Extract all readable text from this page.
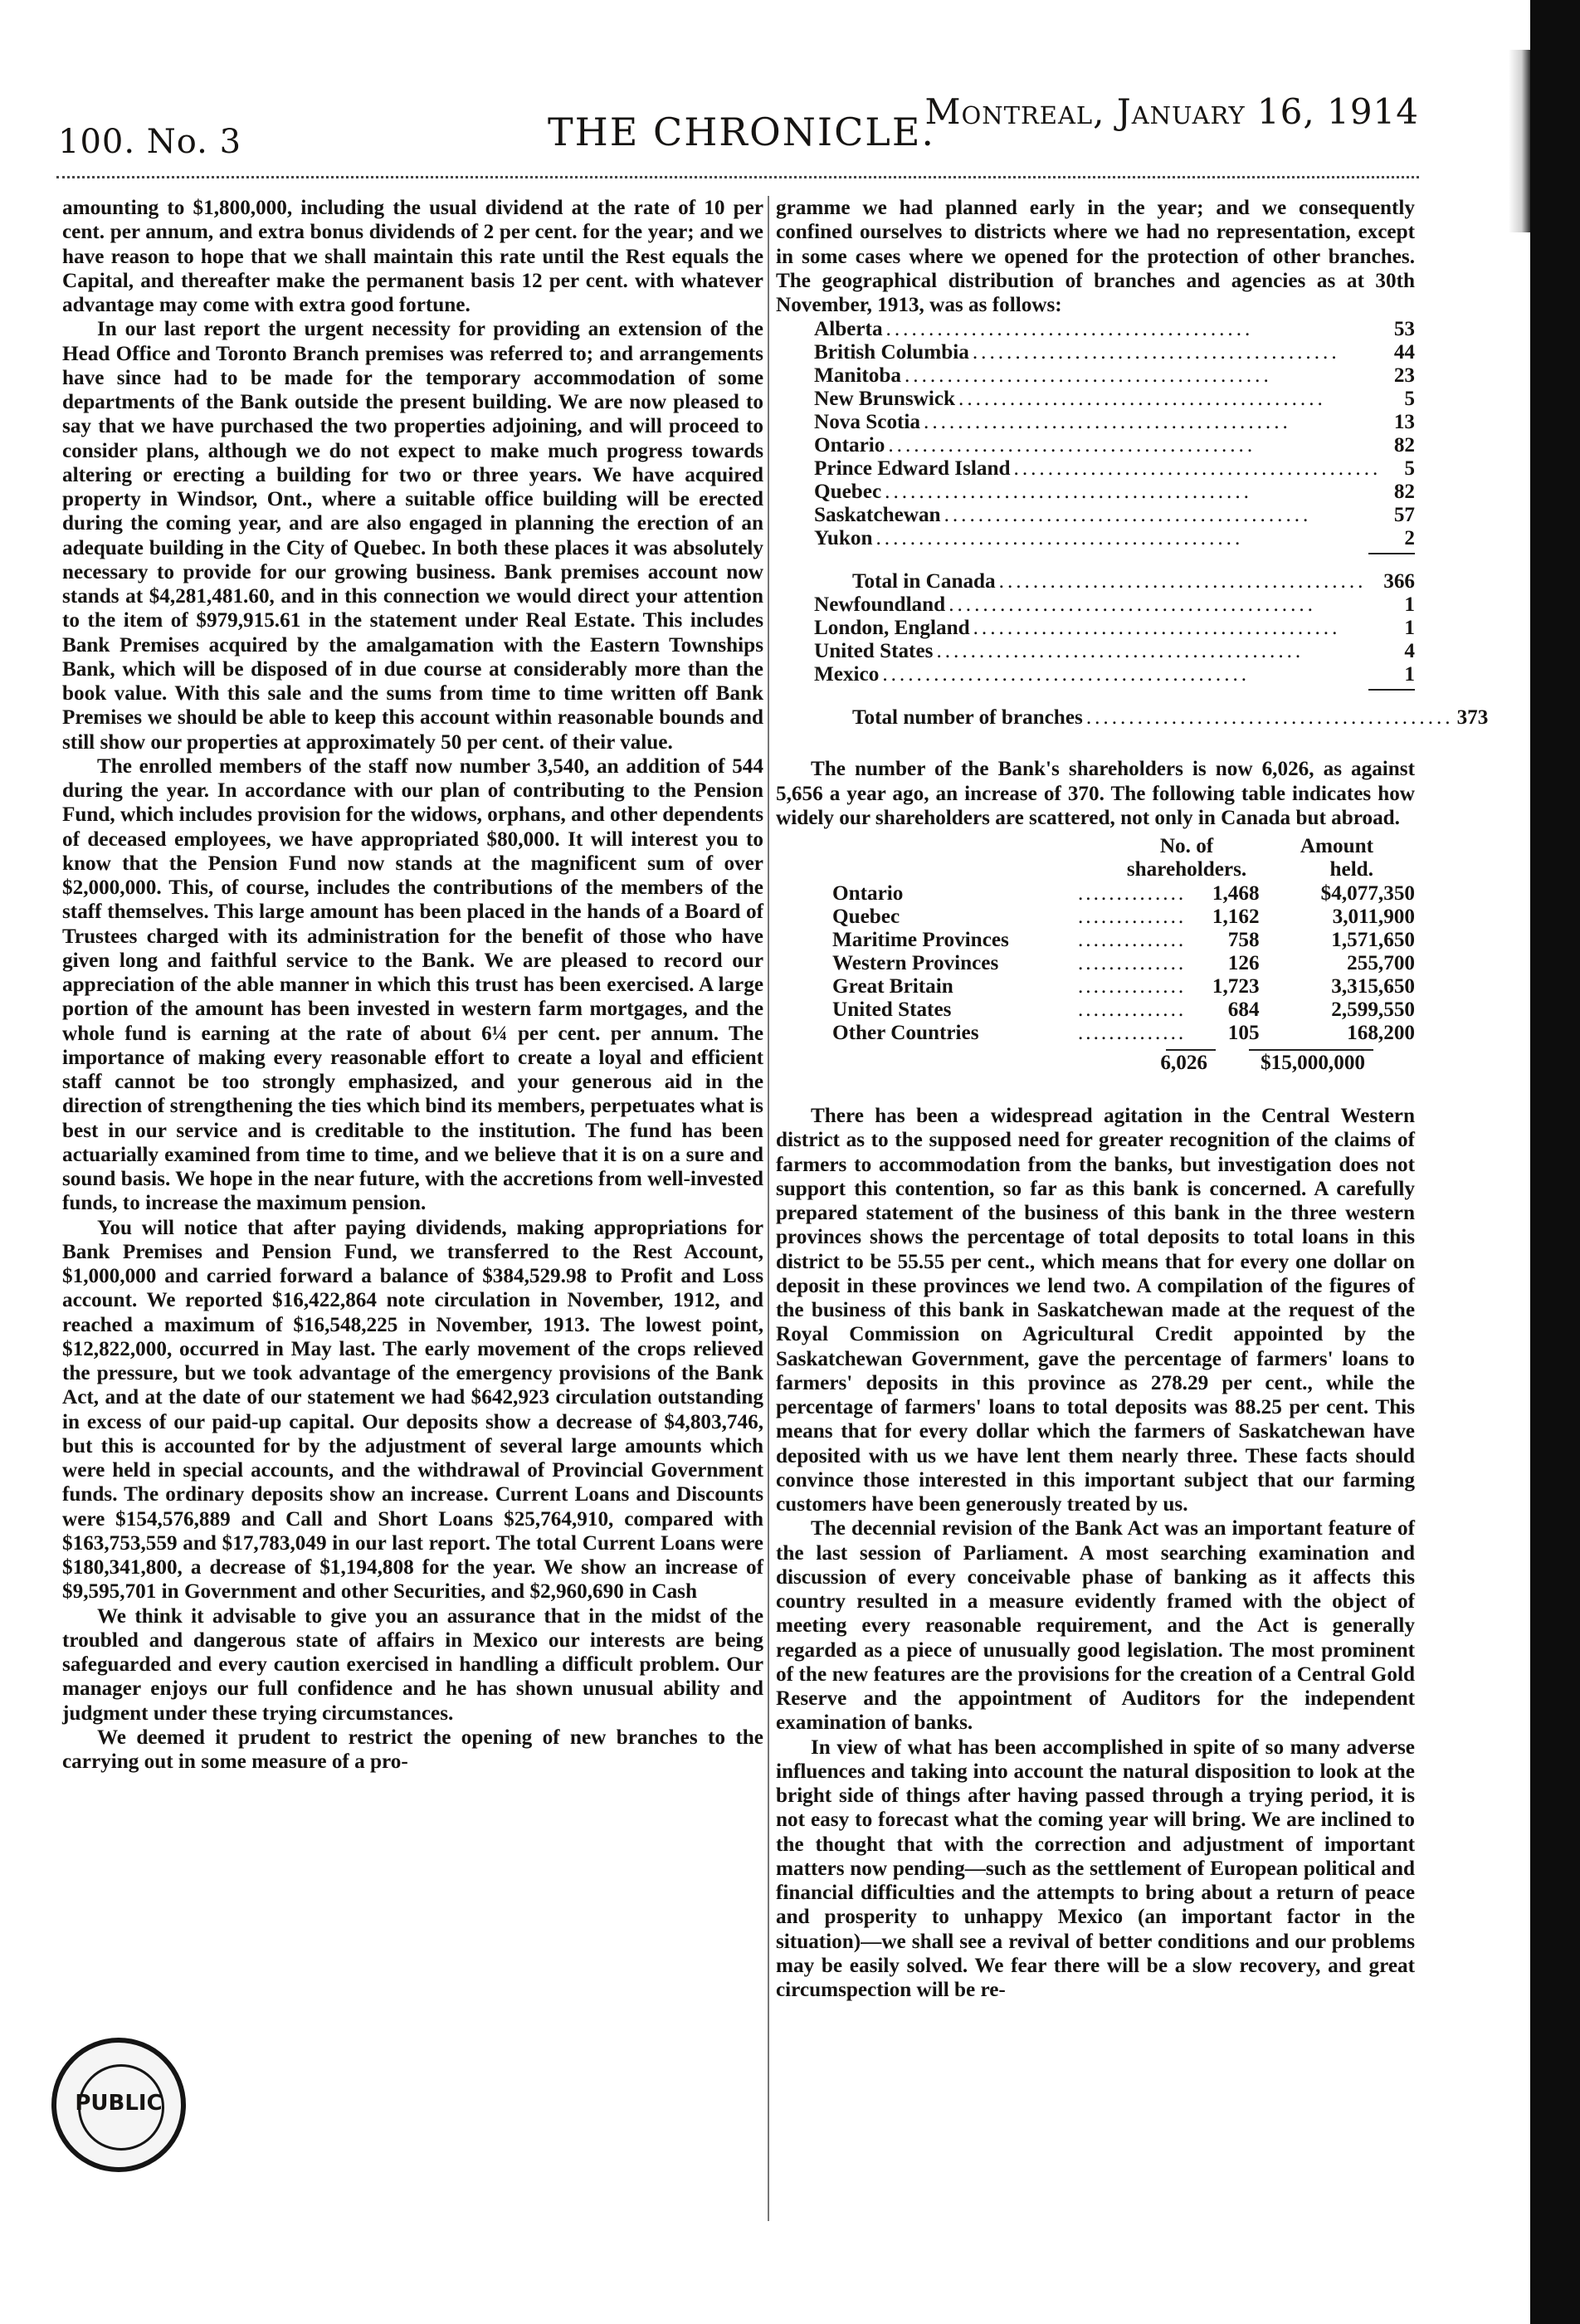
100. No. 3	THE CHRONICLE.
Montreal, January 16, 1914

amounting to $1,800,000, including the usual dividend at the rate of 10 per cent. per annum, and extra bonus dividends of 2 per cent. for the year; and we have reason to hope that we shall maintain this rate until the Rest equals the Capital, and thereafter make the permanent basis 12 per cent. with whatever advantage may come with extra good fortune.

In our last report the urgent necessity for providing an extension of the Head Office and Toronto Branch premises was referred to; and arrangements have since had to be made for the temporary accommodation of some departments of the Bank outside the present building. We are now pleased to say that we have purchased the two properties adjoining, and will proceed to consider plans, although we do not expect to make much progress towards altering or erecting a building for two or three years. We have acquired property in Windsor, Ont., where a suitable office building will be erected during the coming year, and are also engaged in planning the erection of an adequate building in the City of Quebec. In both these places it was absolutely necessary to provide for our growing business. Bank premises account now stands at $4,281,481.60, and in this connection we would direct your attention to the item of $979,915.61 in the statement under Real Estate. This includes Bank Premises acquired by the amalgamation with the Eastern Townships Bank, which will be disposed of in due course at considerably more than the book value. With this sale and the sums from time to time written off Bank Premises we should be able to keep this account within reasonable bounds and still show our properties at approximately 50 per cent. of their value.

The enrolled members of the staff now number 3,540, an addition of 544 during the year. In accordance with our plan of contributing to the Pension Fund, which includes provision for the widows, orphans, and other dependents of deceased employees, we have appropriated $80,000. It will interest you to know that the Pension Fund now stands at the magnificent sum of over $2,000,000. This, of course, includes the contributions of the members of the staff themselves. This large amount has been placed in the hands of a Board of Trustees charged with its administration for the benefit of those who have given long and faithful service to the Bank. We are pleased to record our appreciation of the able manner in which this trust has been exercised. A large portion of the amount has been invested in western farm mortgages, and the whole fund is earning at the rate of about 6¼ per cent. per annum. The importance of making every reasonable effort to create a loyal and efficient staff cannot be too strongly emphasized, and your generous aid in the direction of strengthening the ties which bind its members, perpetuates what is best in our service and is creditable to the institution. The fund has been actuarially examined from time to time, and we believe that it is on a sure and sound basis. We hope in the near future, with the accretions from well-invested funds, to increase the maximum pension.

You will notice that after paying dividends, making appropriations for Bank Premises and Pension Fund, we transferred to the Rest Account, $1,000,000 and carried forward a balance of $384,529.98 to Profit and Loss account. We reported $16,422,864 note circulation in November, 1912, and reached a maximum of $16,548,225 in November, 1913. The lowest point, $12,822,000, occurred in May last. The early movement of the crops relieved the pressure, but we took advantage of the emergency provisions of the Bank Act, and at the date of our statement we had $642,923 circulation outstanding in excess of our paid-up capital. Our deposits show a decrease of $4,803,746, but this is accounted for by the adjustment of several large amounts which were held in special accounts, and the withdrawal of Provincial Government funds. The ordinary deposits show an increase. Current Loans and Discounts were $154,576,889 and Call and Short Loans $25,764,910, compared with $163,753,559 and $17,783,049 in our last report. The total Current Loans were $180,341,800, a decrease of $1,194,808 for the year. We show an increase of $9,595,701 in Government and other Securities, and $2,960,690 in Cash

We think it advisable to give you an assurance that in the midst of the troubled and dangerous state of affairs in Mexico our interests are being safeguarded and every caution exercised in handling a difficult problem. Our manager enjoys our full confidence and he has shown unusual ability and judgment under these trying circumstances.

We deemed it prudent to restrict the opening of new branches to the carrying out in some measure of a pro-

gramme we had planned early in the year; and we consequently confined ourselves to districts where we had no representation, except in some cases where we opened for the protection of other branches. The geographical distribution of branches and agencies as at 30th November, 1913, was as follows:

Alberta ...........................................	53
British Columbia ...........................................	44
Manitoba ...........................................	23
New Brunswick ...........................................	5
Nova Scotia ...........................................	13
Ontario ...........................................	82
Prince Edward Island ...........................................	5
Quebec ...........................................	82
Saskatchewan ...........................................	57
Yukon ...........................................	2
Total in Canada ........................................... 366
Newfoundland ...........................................	1
London, England ...........................................	1
United States ...........................................	4
Mexico ...........................................	1
Total number of branches ........................................... 373

The number of the Bank's shareholders is now 6,026, as against 5,656 a year ago, an increase of 370. The following table indicates how widely our shareholders are scattered, not only in Canada but abroad.

No. of
shareholders.
Amount
held.
Ontario	..............	1,468	$4,077,350
Quebec	..............	1,162	3,011,900
Maritime Provinces	..............	758	1,571,650
Western Provinces	..............	126	255,700
Great Britain	..............	1,723	3,315,650
United States	..............	684	2,599,550
Other Countries	..............	105	168,200
6,026	$15,000,000

There has been a widespread agitation in the Central Western district as to the supposed need for greater recognition of the claims of farmers to accommodation from the banks, but investigation does not support this contention, so far as this bank is concerned. A carefully prepared statement of the business of this bank in the three western provinces shows the percentage of total deposits to total loans in this district to be 55.55 per cent., which means that for every one dollar on deposit in these provinces we lend two. A compilation of the figures of the business of this bank in Saskatchewan made at the request of the Royal Commission on Agricultural Credit appointed by the Saskatchewan Government, gave the percentage of farmers' loans to farmers' deposits in this province as 278.29 per cent., while the percentage of farmers' loans to total deposits was 88.25 per cent. This means that for every dollar which the farmers of Saskatchewan have deposited with us we have lent them nearly three. These facts should convince those interested in this important subject that our farming customers have been generously treated by us.

The decennial revision of the Bank Act was an important feature of the last session of Parliament. A most searching examination and discussion of every conceivable phase of banking as it affects this country resulted in a measure evidently framed with the object of meeting every reasonable requirement, and the Act is generally regarded as a piece of unusually good legislation. The most prominent of the new features are the provisions for the creation of a Central Gold Reserve and the appointment of Auditors for the independent examination of banks.

In view of what has been accomplished in spite of so many adverse influences and taking into account the natural disposition to look at the bright side of things after having passed through a trying period, it is not easy to forecast what the coming year will bring. We are inclined to the thought that with the correction and adjustment of important matters now pending—such as the settlement of European political and financial difficulties and the attempts to bring about a return of peace and prosperity to unhappy Mexico (an important factor in the situation)—we shall see a revival of better conditions and our problems may be easily solved. We fear there will be a slow recovery, and great circumspection will be re-

PUBLIC
